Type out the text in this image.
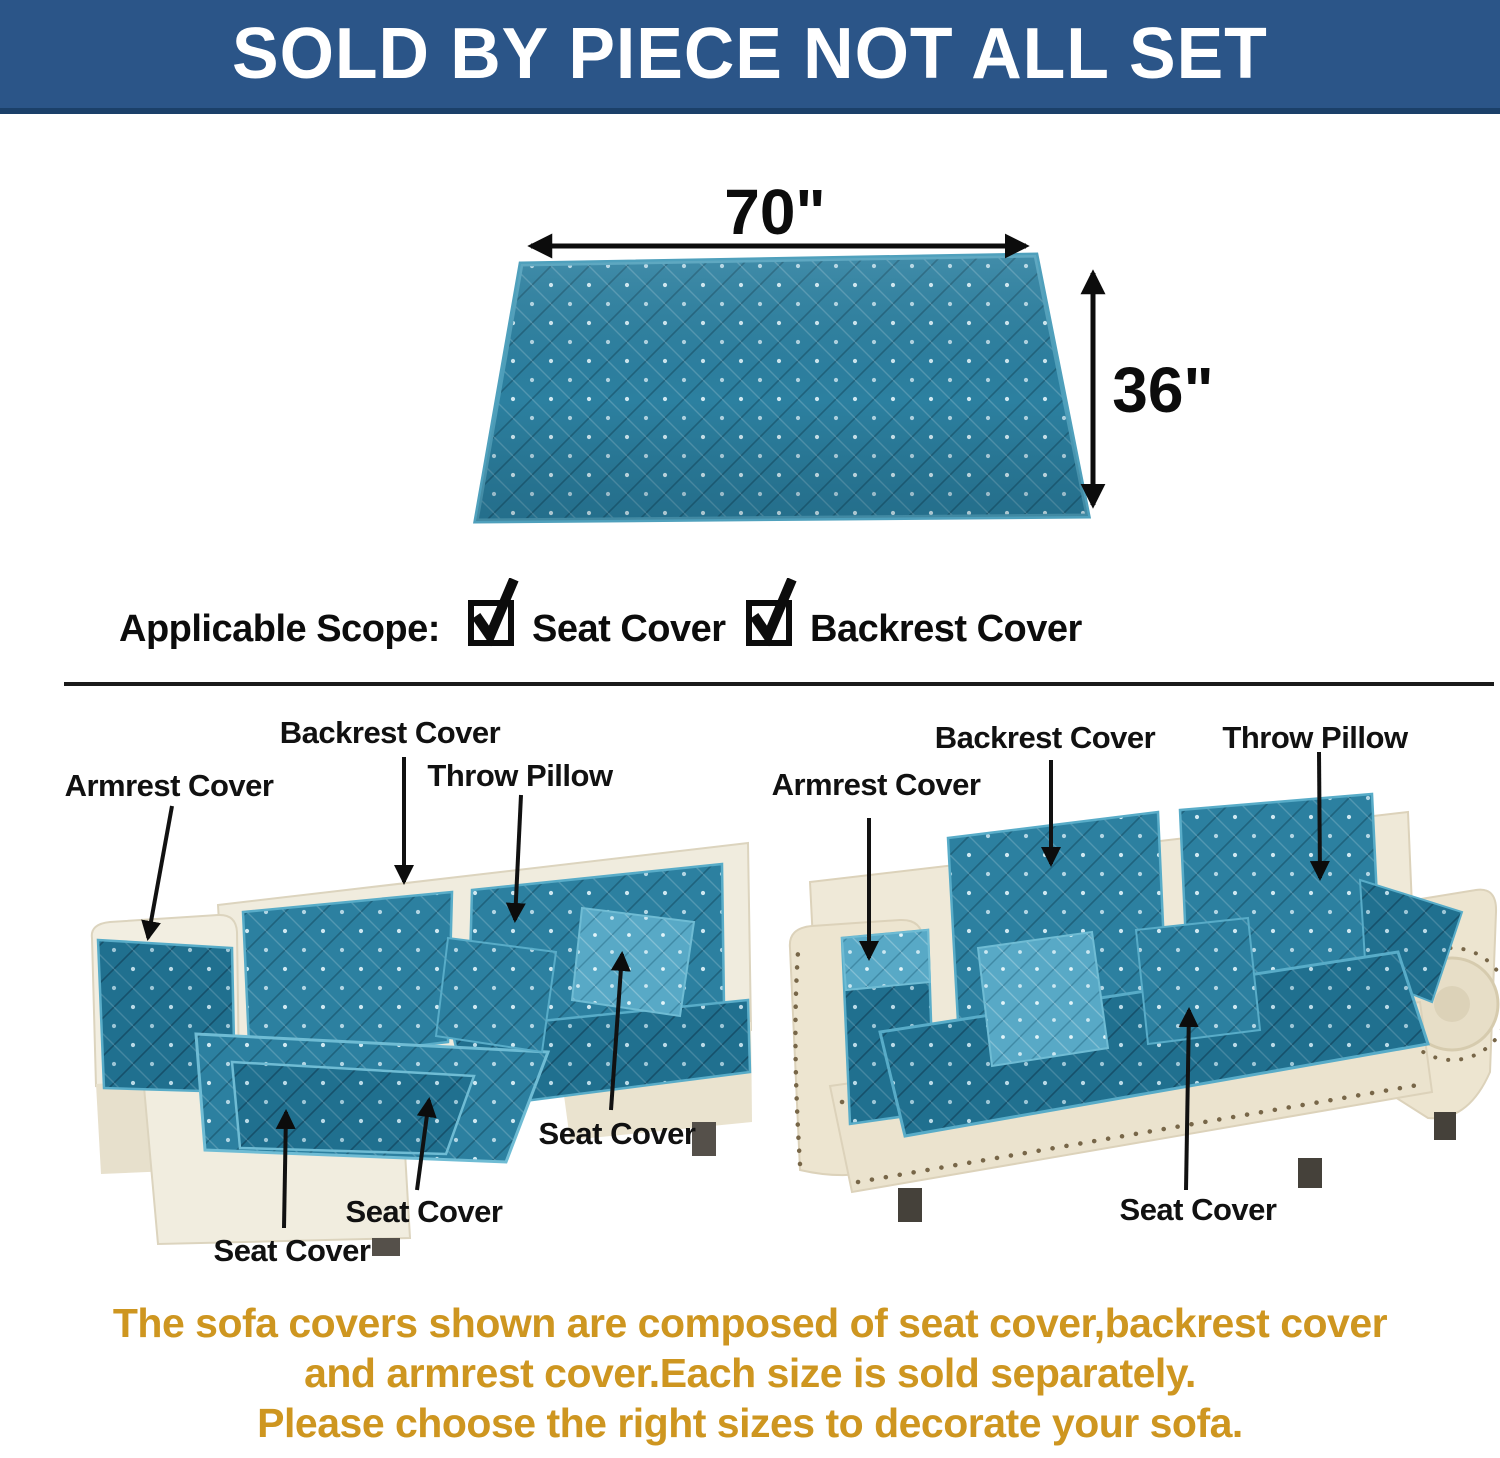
SOLD BY PIECE NOT ALL SET
70"
36"
Applicable Scope: Seat Cover Backrest Cover
Armrest Cover
Backrest Cover
Throw Pillow
Seat Cover
Seat Cover
Seat Cover
Armrest Cover
Backrest Cover Throw Pillow
Seat Cover
The sofa covers shown are composed of seat cover,backrest cover
and armrest cover.Each size is sold separately.
Please choose the right sizes to decorate your sofa.
